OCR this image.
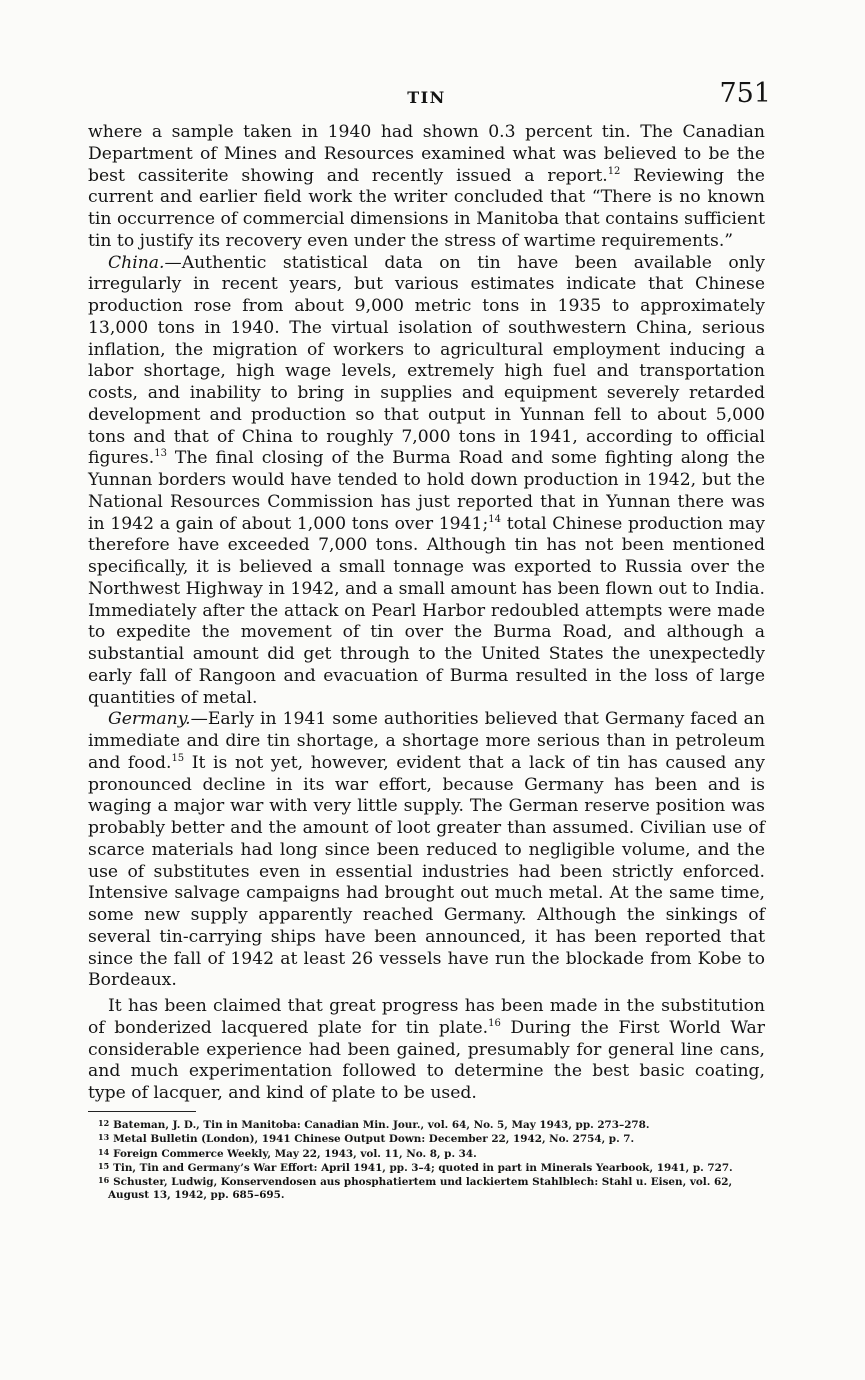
TIN	751

where a sample taken in 1940 had shown 0.3 percent tin. The Canadian Department of Mines and Resources examined what was believed to be the best cassiterite showing and recently issued a report.$^{12}$ Reviewing the current and earlier field work the writer concluded that “There is no known tin occurrence of commercial dimensions in Manitoba that contains sufficient tin to justify its recovery even under the stress of wartime requirements.”

China.—Authentic statistical data on tin have been available only irregularly in recent years, but various estimates indicate that Chinese production rose from about 9,000 metric tons in 1935 to approximately 13,000 tons in 1940. The virtual isolation of southwestern China, serious inflation, the migration of workers to agricultural employment inducing a labor shortage, high wage levels, extremely high fuel and transportation costs, and inability to bring in supplies and equipment severely retarded development and production so that output in Yunnan fell to about 5,000 tons and that of China to roughly 7,000 tons in 1941, according to official figures.$^{13}$ The final closing of the Burma Road and some fighting along the Yunnan borders would have tended to hold down production in 1942, but the National Resources Commission has just reported that in Yunnan there was in 1942 a gain of about 1,000 tons over 1941;$^{14}$ total Chinese production may therefore have exceeded 7,000 tons. Although tin has not been mentioned specifically, it is believed a small tonnage was exported to Russia over the Northwest Highway in 1942, and a small amount has been flown out to India. Immediately after the attack on Pearl Harbor redoubled attempts were made to expedite the movement of tin over the Burma Road, and although a substantial amount did get through to the United States the unexpectedly early fall of Rangoon and evacuation of Burma resulted in the loss of large quantities of metal.

Germany.—Early in 1941 some authorities believed that Germany faced an immediate and dire tin shortage, a shortage more serious than in petroleum and food.$^{15}$ It is not yet, however, evident that a lack of tin has caused any pronounced decline in its war effort, because Germany has been and is waging a major war with very little supply. The German reserve position was probably better and the amount of loot greater than assumed. Civilian use of scarce materials had long since been reduced to negligible volume, and the use of substitutes even in essential industries had been strictly enforced. Intensive salvage campaigns had brought out much metal. At the same time, some new supply apparently reached Germany. Although the sinkings of several tin-carrying ships have been announced, it has been reported that since the fall of 1942 at least 26 vessels have run the blockade from Kobe to Bordeaux.

It has been claimed that great progress has been made in the substitution of bonderized lacquered plate for tin plate.$^{16}$ During the First World War considerable experience had been gained, presumably for general line cans, and much experimentation followed to determine the best basic coating, type of lacquer, and kind of plate to be used.

12 Bateman, J. D., Tin in Manitoba: Canadian Min. Jour., vol. 64, No. 5, May 1943, pp. 273–278.
13 Metal Bulletin (London), 1941 Chinese Output Down: December 22, 1942, No. 2754, p. 7.
14 Foreign Commerce Weekly, May 22, 1943, vol. 11, No. 8, p. 34.
15 Tin, Tin and Germany’s War Effort: April 1941, pp. 3–4; quoted in part in Minerals Yearbook, 1941, p. 727.
16 Schuster, Ludwig, Konservendosen aus phosphatiertem und lackiertem Stahlblech: Stahl u. Eisen, vol. 62, August 13, 1942, pp. 685–695.
